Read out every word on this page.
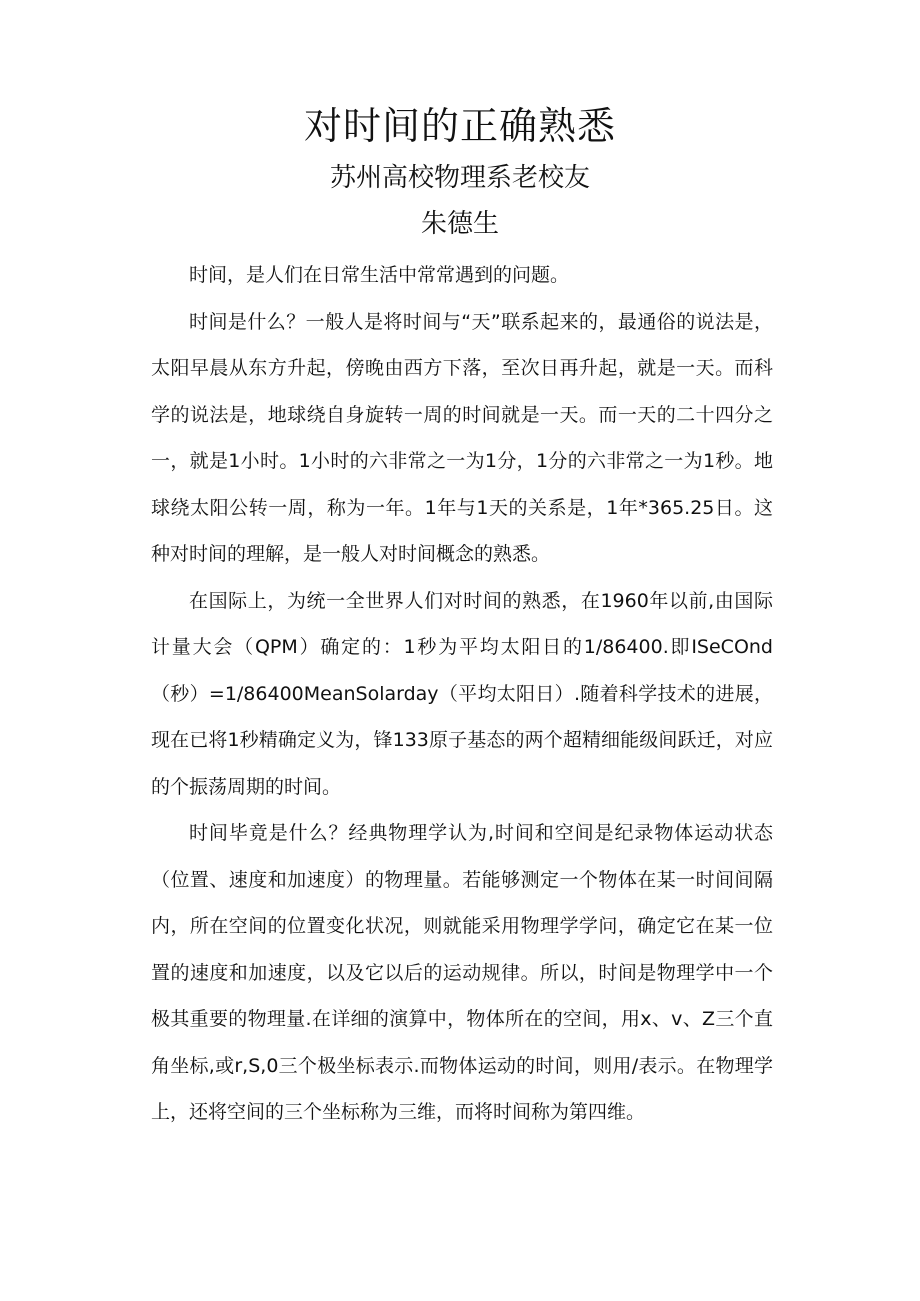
对时间的正确熟悉
苏州高校物理系老校友
朱德生

时间，是人们在日常生活中常常遇到的问题。

时间是什么？一般人是将时间与“天”联系起来的，最通俗的说法是，太阳早晨从东方升起，傍晚由西方下落，至次日再升起，就是一天。而科学的说法是，地球绕自身旋转一周的时间就是一天。而一天的二十四分之一，就是1小时。1小时的六非常之一为1分，1分的六非常之一为1秒。地球绕太阳公转一周，称为一年。1年与1天的关系是，1年*365.25日。这种对时间的理解，是一般人对时间概念的熟悉。

在国际上，为统一全世界人们对时间的熟悉，在1960年以前,由国际计量大会（QPM）确定的：1秒为平均太阳日的1/86400.即ISeCOnd（秒）=1/86400MeanSolarday（平均太阳日）.随着科学技术的进展，现在已将1秒精确定义为，锋133原子基态的两个超精细能级间跃迁，对应的个振荡周期的时间。

时间毕竟是什么？经典物理学认为,时间和空间是纪录物体运动状态（位置、速度和加速度）的物理量。若能够测定一个物体在某一时间间隔内，所在空间的位置变化状况，则就能采用物理学学问，确定它在某一位置的速度和加速度，以及它以后的运动规律。所以，时间是物理学中一个极其重要的物理量.在详细的演算中，物体所在的空间，用x、v、Z三个直角坐标,或r,S,0三个极坐标表示.而物体运动的时间，则用/表示。在物理学上，还将空间的三个坐标称为三维，而将时间称为第四维。
